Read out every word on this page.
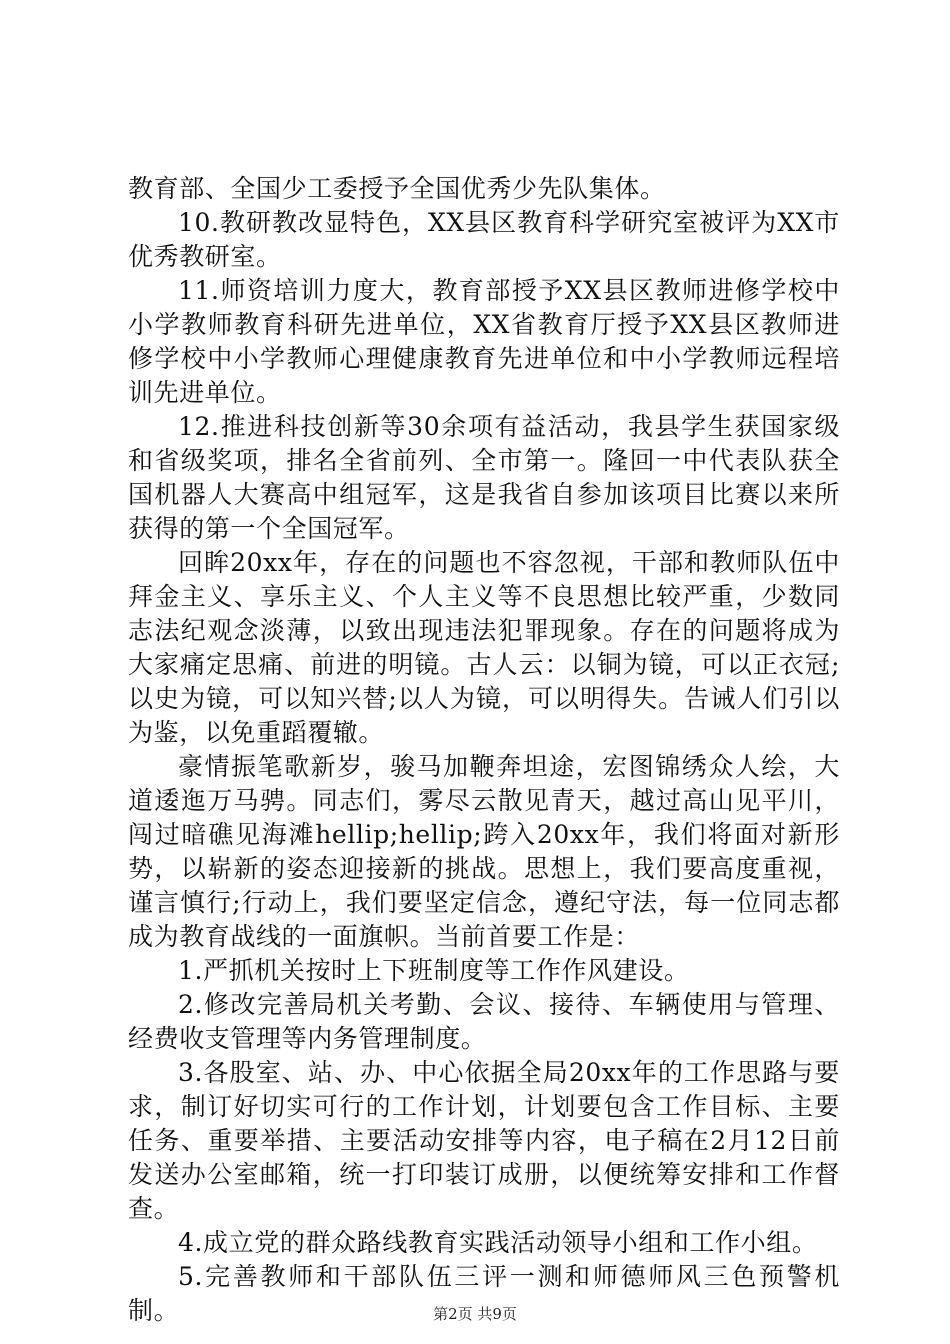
教育部、全国少工委授予全国优秀少先队集体。

10.教研教改显特色，XX县区教育科学研究室被评为XX市优秀教研室。

11.师资培训力度大，教育部授予XX县区教师进修学校中小学教师教育科研先进单位，XX省教育厅授予XX县区教师进修学校中小学教师心理健康教育先进单位和中小学教师远程培训先进单位。

12.推进科技创新等30余项有益活动，我县学生获国家级和省级奖项，排名全省前列、全市第一。隆回一中代表队获全国机器人大赛高中组冠军，这是我省自参加该项目比赛以来所获得的第一个全国冠军。

回眸20xx年，存在的问题也不容忽视，干部和教师队伍中拜金主义、享乐主义、个人主义等不良思想比较严重，少数同志法纪观念淡薄，以致出现违法犯罪现象。存在的问题将成为大家痛定思痛、前进的明镜。古人云：以铜为镜，可以正衣冠;以史为镜，可以知兴替;以人为镜，可以明得失。告诫人们引以为鉴，以免重蹈覆辙。

豪情振笔歌新岁，骏马加鞭奔坦途，宏图锦绣众人绘，大道逶迤万马骋。同志们，雾尽云散见青天，越过高山见平川，闯过暗礁见海滩hellip;hellip;跨入20xx年，我们将面对新形势，以崭新的姿态迎接新的挑战。思想上，我们要高度重视，谨言慎行;行动上，我们要坚定信念，遵纪守法，每一位同志都成为教育战线的一面旗帜。当前首要工作是：

1.严抓机关按时上下班制度等工作作风建设。

2.修改完善局机关考勤、会议、接待、车辆使用与管理、经费收支管理等内务管理制度。

3.各股室、站、办、中心依据全局20xx年的工作思路与要求，制订好切实可行的工作计划，计划要包含工作目标、主要任务、重要举措、主要活动安排等内容，电子稿在2月12日前发送办公室邮箱，统一打印装订成册，以便统筹安排和工作督查。

4.成立党的群众路线教育实践活动领导小组和工作小组。

5.完善教师和干部队伍三评一测和师德师风三色预警机制。	第2页 共9页
